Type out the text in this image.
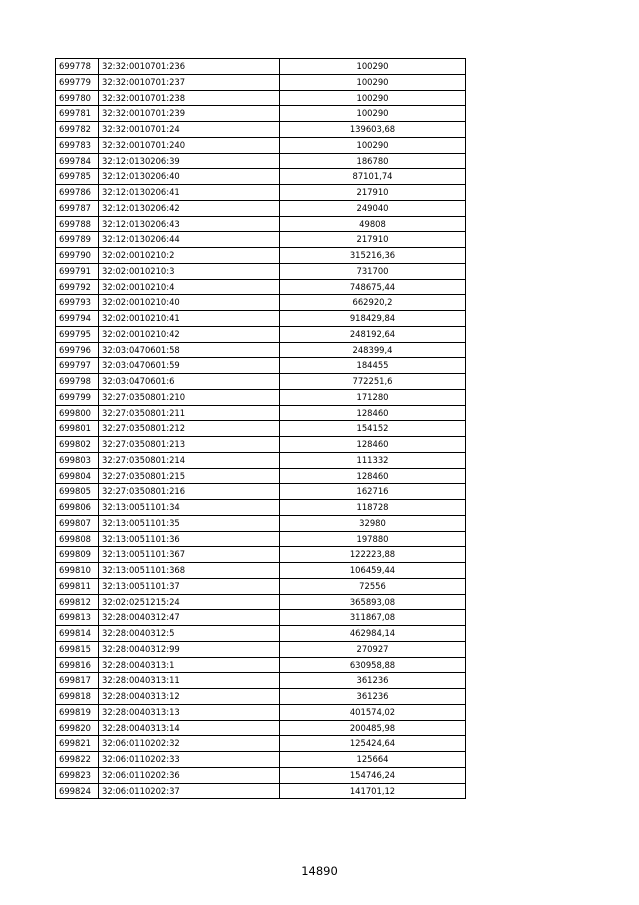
699778	32:32:0010701:236	100290
699779	32:32:0010701:237	100290
699780	32:32:0010701:238	100290
699781	32:32:0010701:239	100290
699782	32:32:0010701:24	139603,68
699783	32:32:0010701:240	100290
699784	32:12:0130206:39	186780
699785	32:12:0130206:40	87101,74
699786	32:12:0130206:41	217910
699787	32:12:0130206:42	249040
699788	32:12:0130206:43	49808
699789	32:12:0130206:44	217910
699790	32:02:0010210:2	315216,36
699791	32:02:0010210:3	731700
699792	32:02:0010210:4	748675,44
699793	32:02:0010210:40	662920,2
699794	32:02:0010210:41	918429,84
699795	32:02:0010210:42	248192,64
699796	32:03:0470601:58	248399,4
699797	32:03:0470601:59	184455
699798	32:03:0470601:6	772251,6
699799	32:27:0350801:210	171280
699800	32:27:0350801:211	128460
699801	32:27:0350801:212	154152
699802	32:27:0350801:213	128460
699803	32:27:0350801:214	111332
699804	32:27:0350801:215	128460
699805	32:27:0350801:216	162716
699806	32:13:0051101:34	118728
699807	32:13:0051101:35	32980
699808	32:13:0051101:36	197880
699809	32:13:0051101:367	122223,88
699810	32:13:0051101:368	106459,44
699811	32:13:0051101:37	72556
699812	32:02:0251215:24	365893,08
699813	32:28:0040312:47	311867,08
699814	32:28:0040312:5	462984,14
699815	32:28:0040312:99	270927
699816	32:28:0040313:1	630958,88
699817	32:28:0040313:11	361236
699818	32:28:0040313:12	361236
699819	32:28:0040313:13	401574,02
699820	32:28:0040313:14	200485,98
699821	32:06:0110202:32	125424,64
699822	32:06:0110202:33	125664
699823	32:06:0110202:36	154746,24
699824	32:06:0110202:37	141701,12
14890
